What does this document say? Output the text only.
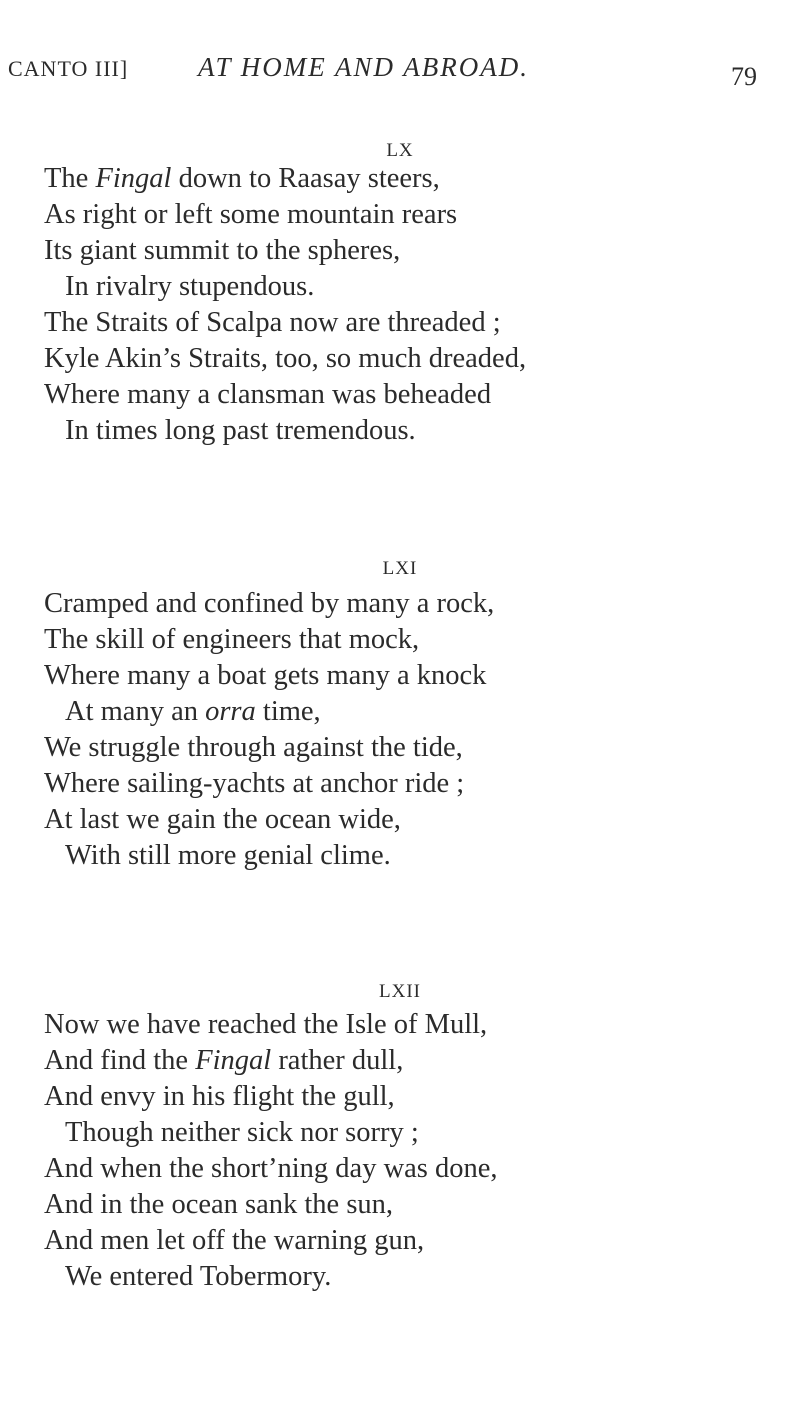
CANTO III]	AT HOME AND ABROAD.	79
LX
The Fingal down to Raasay steers,
As right or left some mountain rears
Its giant summit to the spheres,
In rivalry stupendous.
The Straits of Scalpa now are threaded ;
Kyle Akin’s Straits, too, so much dreaded,
Where many a clansman was beheaded
In times long past tremendous.
LXI
Cramped and confined by many a rock,
The skill of engineers that mock,
Where many a boat gets many a knock
At many an orra time,
We struggle through against the tide,
Where sailing-yachts at anchor ride ;
At last we gain the ocean wide,
With still more genial clime.
LXII
Now we have reached the Isle of Mull,
And find the Fingal rather dull,
And envy in his flight the gull,
Though neither sick nor sorry ;
And when the short’ning day was done,
And in the ocean sank the sun,
And men let off the warning gun,
We entered Tobermory.
